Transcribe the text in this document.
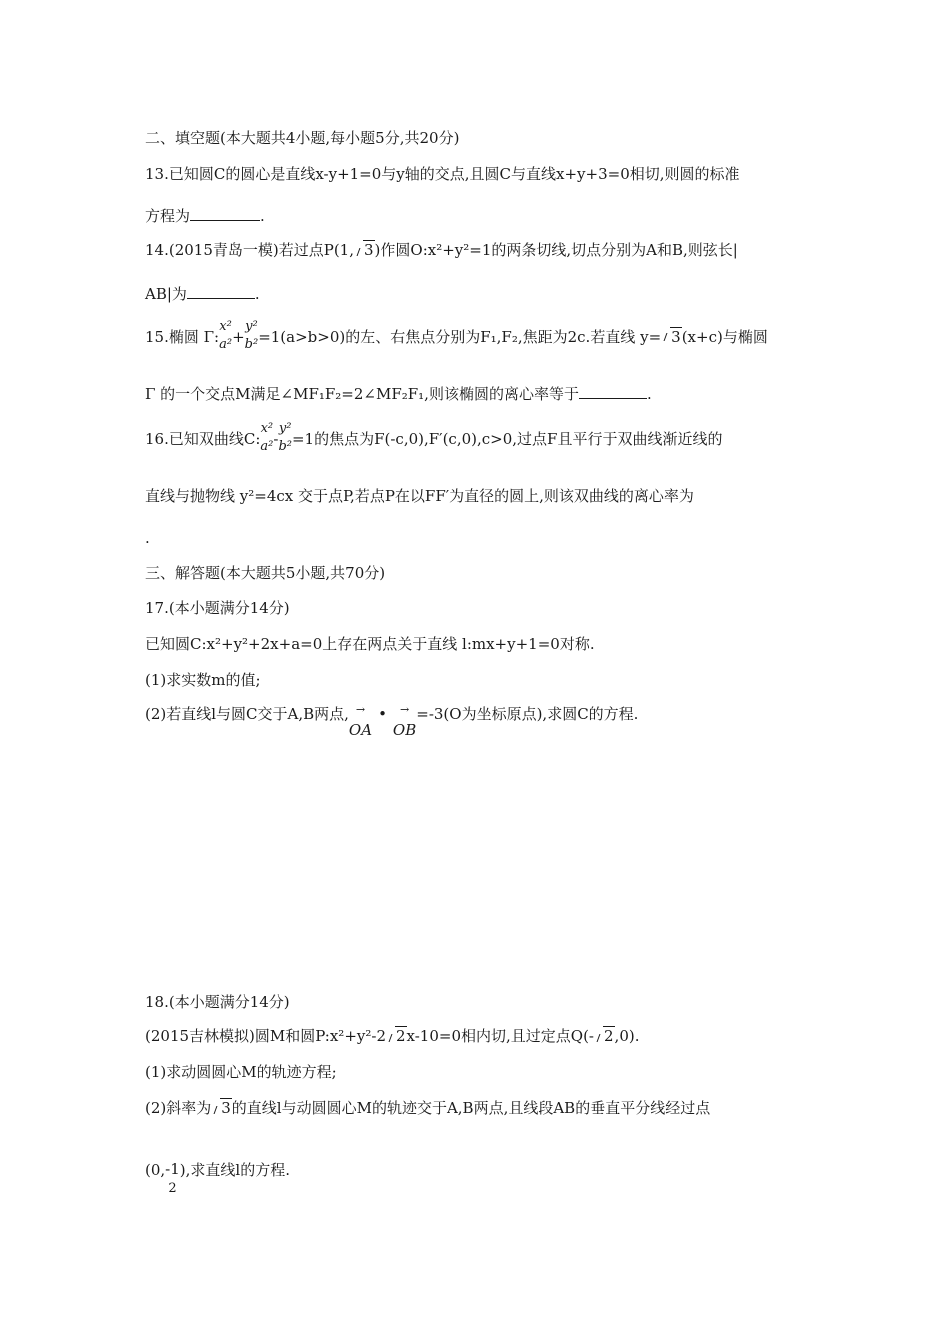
二、填空题(本大题共4小题,每小题5分,共20分)
13.已知圆C的圆心是直线x-y+1=0与y轴的交点,且圆C与直线x+y+3=0相切,则圆的标准
方程为	.
14.(2015青岛一模)若过点P(1, 3)作圆O:x²+y²=1的两条切线,切点分别为A和B,则弦长|
AB|为	.
15.椭圆 Γ:
x²
a² +
y²
b² =1(a>b>0)的左、右焦点分别为F₁,F₂,焦距为2c.若直线 y= 3(x+c)与椭圆
Γ 的一个交点M满足∠MF₁F₂=2∠MF₂F₁,则该椭圆的离心率等于	.
16.已知双曲线C:
x²
a² -
y²
b² =1的焦点为F(-c,0),F′(c,0),c>0,过点F且平行于双曲线渐近线的
直线与抛物线 y²=4cx 交于点P,若点P在以FF′为直径的圆上,则该双曲线的离心率为
.
三、解答题(本大题共5小题,共70分)
17.(本小题满分14分)
已知圆C:x²+y²+2x+a=0上存在两点关于直线 l:mx+y+1=0对称.
(1)求实数m的值;
(2)若直线l与圆C交于A,B两点, →
OA
•	→
OB
=-3(O为坐标原点),求圆C的方程.
18.(本小题满分14分)
(2015吉林模拟)圆M和圆P:x²+y²-2 2x-10=0相内切,且过定点Q(- 2,0).
(1)求动圆圆心M的轨迹方程;
(2)斜率为 3的直线l与动圆圆心M的轨迹交于A,B两点,且线段AB的垂直平分线经过点
(0, -1
2
),求直线l的方程.
